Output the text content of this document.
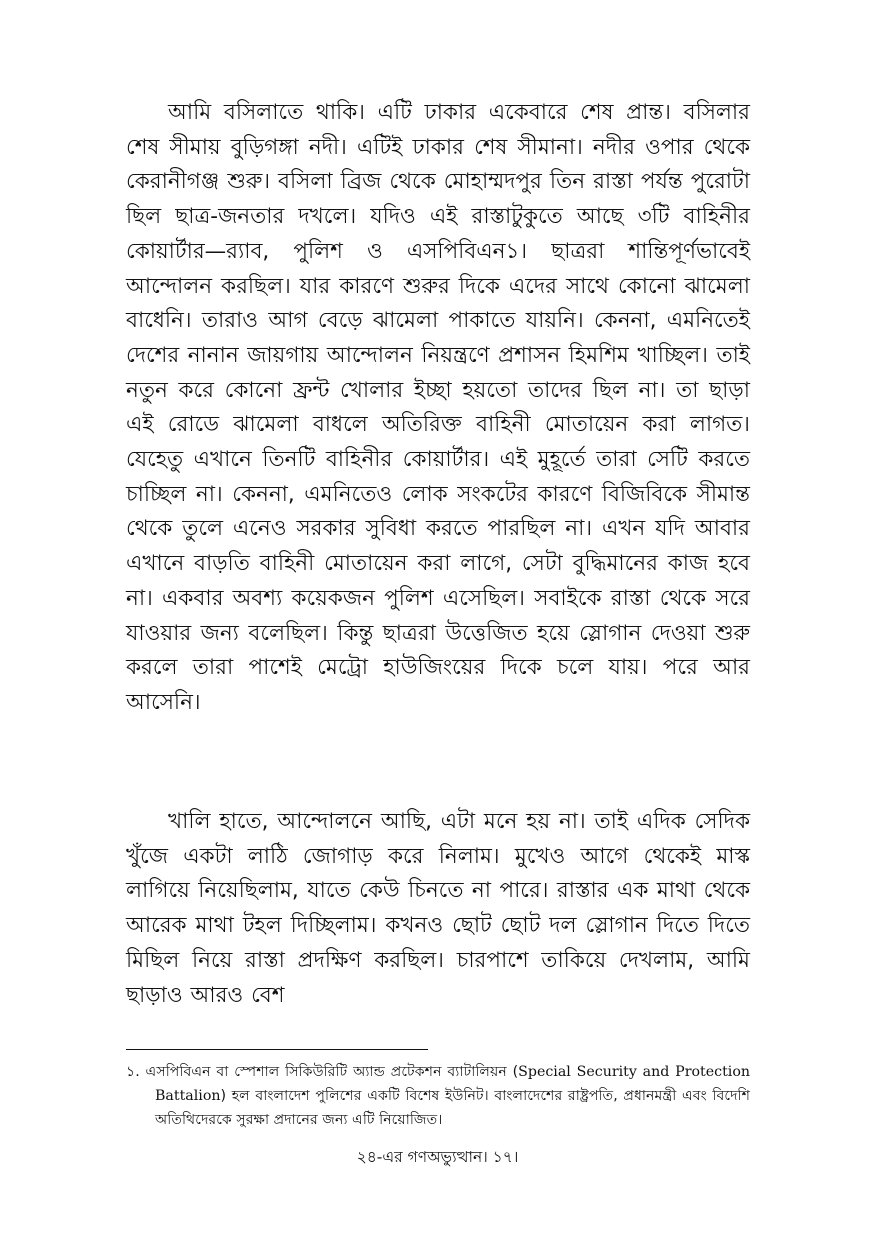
আমি বসিলাতে থাকি। এটি ঢাকার একেবারে শেষ প্রান্ত। বসিলার শেষ সীমায় বুড়িগঙ্গা নদী। এটিই ঢাকার শেষ সীমানা। নদীর ওপার থেকে কেরানীগঞ্জ শুরু। বসিলা ব্রিজ থেকে মোহাম্মদপুর তিন রাস্তা পর্যন্ত পুরোটা ছিল ছাত্র-জনতার দখলে। যদিও এই রাস্তাটুকুতে আছে ৩টি বাহিনীর কোয়ার্টার—র‍্যাব, পুলিশ ও এসপিবিএন১। ছাত্ররা শান্তিপূর্ণভাবেই আন্দোলন করছিল। যার কারণে শুরুর দিকে এদের সাথে কোনো ঝামেলা বাধেনি। তারাও আগ বেড়ে ঝামেলা পাকাতে যায়নি। কেননা, এমনিতেই দেশের নানান জায়গায় আন্দোলন নিয়ন্ত্রণে প্রশাসন হিমশিম খাচ্ছিল। তাই নতুন করে কোনো ফ্রন্ট খোলার ইচ্ছা হয়তো তাদের ছিল না। তা ছাড়া এই রোডে ঝামেলা বাধলে অতিরিক্ত বাহিনী মোতায়েন করা লাগত। যেহেতু এখানে তিনটি বাহিনীর কোয়ার্টার। এই মুহূর্তে তারা সেটি করতে চাচ্ছিল না। কেননা, এমনিতেও লোক সংকটের কারণে বিজিবিকে সীমান্ত থেকে তুলে এনেও সরকার সুবিধা করতে পারছিল না। এখন যদি আবার এখানে বাড়তি বাহিনী মোতায়েন করা লাগে, সেটা বুদ্ধিমানের কাজ হবে না। একবার অবশ্য কয়েকজন পুলিশ এসেছিল। সবাইকে রাস্তা থেকে সরে যাওয়ার জন্য বলেছিল। কিন্তু ছাত্ররা উত্তেজিত হয়ে স্লোগান দেওয়া শুরু করলে তারা পাশেই মেট্রো হাউজিংয়ের দিকে চলে যায়। পরে আর আসেনি।

খালি হাতে, আন্দোলনে আছি, এটা মনে হয় না। তাই এদিক সেদিক খুঁজে একটা লাঠি জোগাড় করে নিলাম। মুখেও আগে থেকেই মাস্ক লাগিয়ে নিয়েছিলাম, যাতে কেউ চিনতে না পারে। রাস্তার এক মাথা থেকে আরেক মাথা টহল দিচ্ছিলাম। কখনও ছোট ছোট দল স্লোগান দিতে দিতে মিছিল নিয়ে রাস্তা প্রদক্ষিণ করছিল। চারপাশে তাকিয়ে দেখলাম, আমি ছাড়াও আরও বেশ

১. এসপিবিএন বা স্পেশাল সিকিউরিটি অ্যান্ড প্রটেকশন ব্যাটালিয়ন (Special Security and Protection Battalion) হল বাংলাদেশ পুলিশের একটি বিশেষ ইউনিট। বাংলাদেশের রাষ্ট্রপতি, প্রধানমন্ত্রী এবং বিদেশি অতিথিদেরকে সুরক্ষা প্রদানের জন্য এটি নিয়োজিত।

২৪-এর গণঅভ্যুত্থান। ১৭।
